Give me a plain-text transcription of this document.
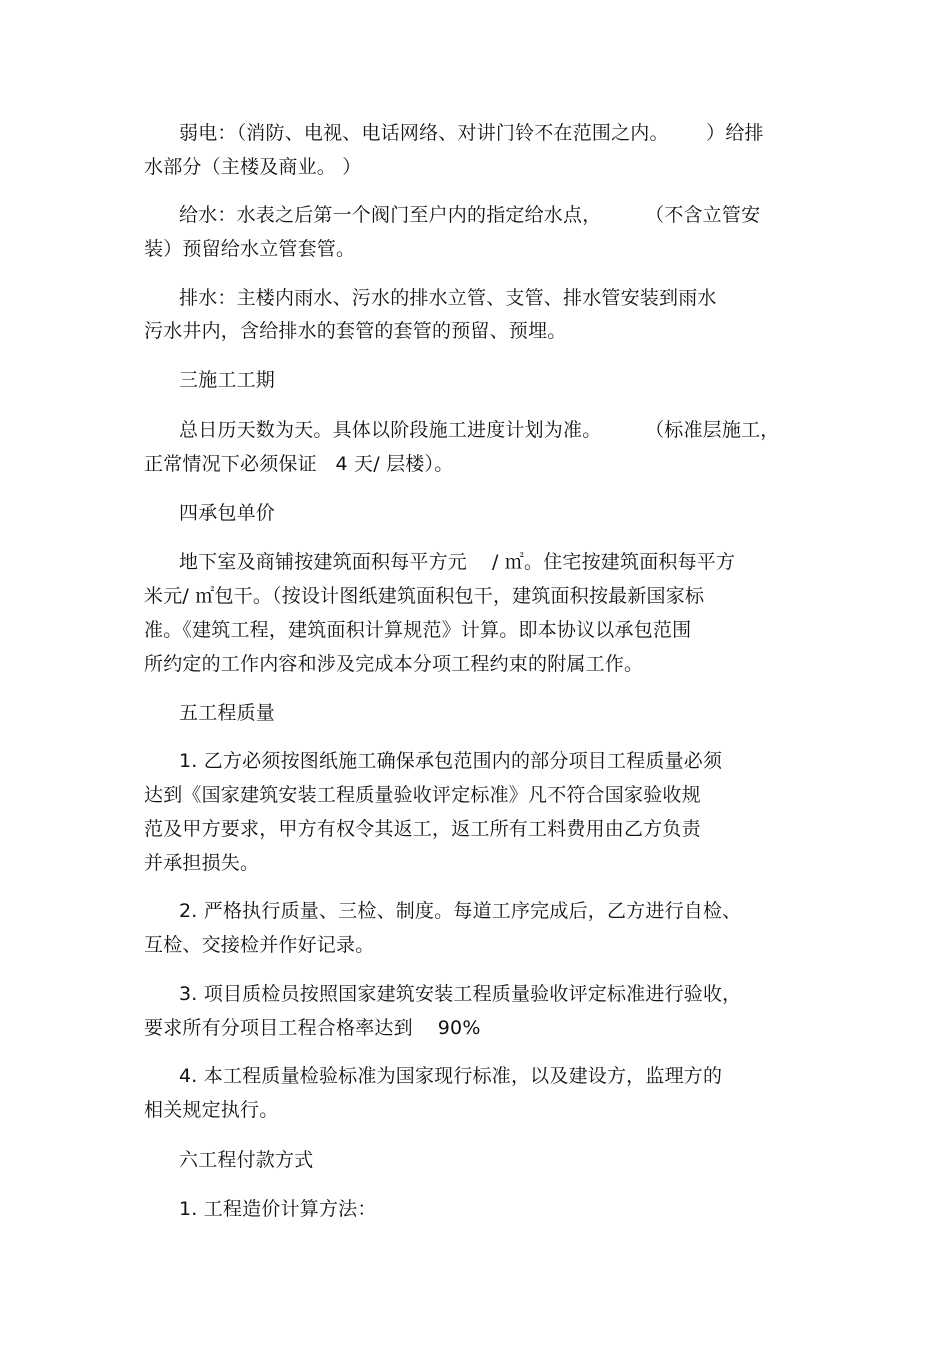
弱电：（消防、电视、电话网络、对讲门铃不在范围之内。      ）给排
水部分（主楼及商业。 ）
给水：水表之后第一个阀门至户内的指定给水点，       （不含立管安
装）预留给水立管套管。
排水：主楼内雨水、污水的排水立管、支管、排水管安装到雨水
污水井内，含给排水的套管的套管的预留、预埋。
三施工工期
总日历天数为天。具体以阶段施工进度计划为准。       （标准层施工，
正常情况下必须保证   4 天/ 层楼）。
四承包单价
地下室及商铺按建筑面积每平方元    / ㎡。住宅按建筑面积每平方
米元/ ㎡包干。（按设计图纸建筑面积包干，建筑面积按最新国家标
准。《建筑工程，建筑面积计算规范》计算。即本协议以承包范围
所约定的工作内容和涉及完成本分项工程约束的附属工作。
五工程质量
1. 乙方必须按图纸施工确保承包范围内的部分项目工程质量必须
达到《国家建筑安装工程质量验收评定标准》凡不符合国家验收规
范及甲方要求，甲方有权令其返工，返工所有工料费用由乙方负责
并承担损失。
2. 严格执行质量、三检、制度。每道工序完成后，乙方进行自检、
互检、交接检并作好记录。
3. 项目质检员按照国家建筑安装工程质量验收评定标准进行验收，
要求所有分项目工程合格率达到    90%
4. 本工程质量检验标准为国家现行标准，以及建设方，监理方的
相关规定执行。
六工程付款方式
1. 工程造价计算方法：
